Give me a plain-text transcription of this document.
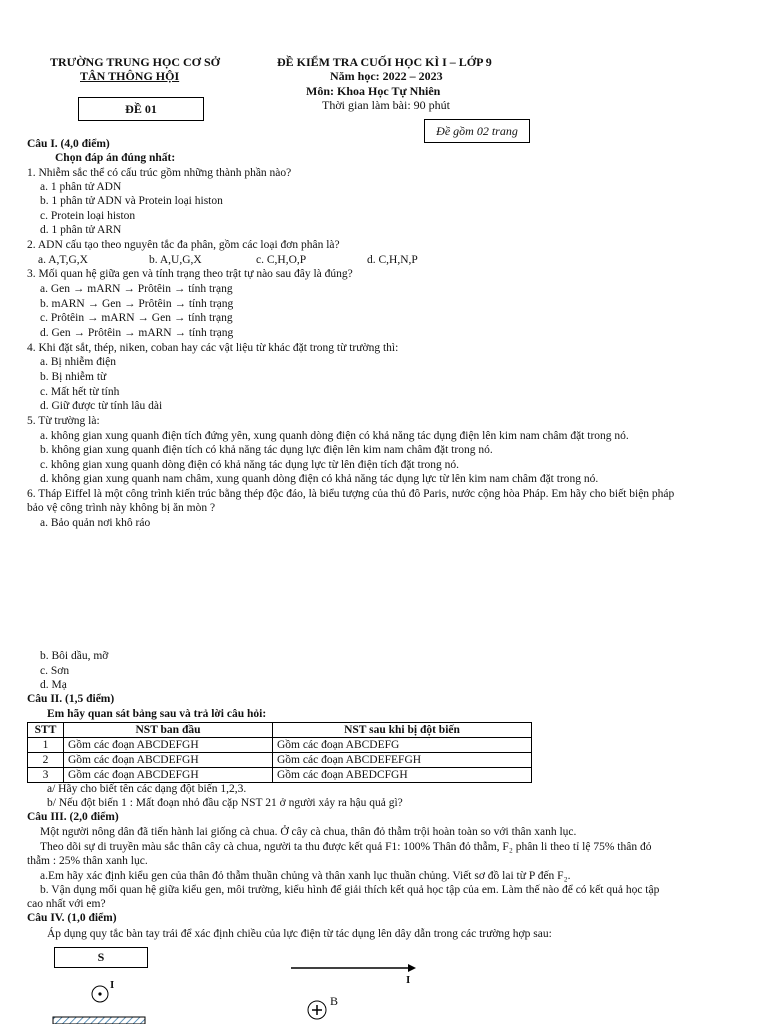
TRƯỜNG TRUNG HỌC CƠ SỞ
TÂN THÔNG HỘI
ĐỀ KIỂM TRA CUỐI HỌC KÌ I – LỚP 9
Năm học: 2022 – 2023
Môn: Khoa Học Tự Nhiên
Thời gian làm bài: 90 phút
ĐỀ 01
Đề gồm 02 trang
Câu I. (4,0 điểm)
Chọn đáp án đúng nhất:
1. Nhiễm sắc thể có cấu trúc gồm những thành phần nào?
a. 1 phân tử ADN
b. 1 phân tử ADN và Protein loại histon
c. Protein loại histon
d. 1 phân tử ARN
2. ADN cấu tạo theo nguyên tắc đa phân, gồm các loại đơn phân là?
a. A,T,G,X	b. A,U,G,X	c. C,H,O,P	d. C,H,N,P
3. Mối quan hệ giữa gen và tính trạng theo trật tự nào sau đây là đúng?
a. Gen → mARN → Prôtêin → tính trạng
b. mARN → Gen → Prôtêin → tính trạng
c. Prôtêin → mARN → Gen → tính trạng
d. Gen → Prôtêin → mARN → tính trạng
4. Khi đặt sắt, thép, niken, coban hay các vật liệu từ khác đặt trong từ trường thì:
a. Bị nhiễm điện
b. Bị nhiễm từ
c. Mất hết từ tính
d. Giữ được từ tính lâu dài
5. Từ trường là:
a. không gian xung quanh điện tích đứng yên, xung quanh dòng điện có khả năng tác dụng điện lên kim nam châm đặt trong nó.
b. không gian xung quanh điện tích có khả năng tác dụng lực điện lên kim nam châm đặt trong nó.
c. không gian xung quanh dòng điện có khả năng tác dụng lực từ lên điện tích đặt trong nó.
d. không gian xung quanh nam châm, xung quanh dòng điện có khả năng tác dụng lực từ lên kim nam châm đặt trong nó.
6. Tháp Eiffel là một công trình kiến trúc bằng thép độc đáo, là biểu tượng của thủ đô Paris, nước cộng hòa Pháp. Em hãy cho biết biện pháp
bảo vệ công trình này không bị ăn mòn ?
a. Bảo quản nơi khô ráo
b. Bôi dầu, mỡ
c. Sơn
d. Mạ
Câu II. (1,5 điểm)
Em hãy quan sát bảng sau và trả lời câu hỏi:
STT	NST ban đầu	NST sau khi bị đột biến
1	Gồm các đoạn ABCDEFGH	Gồm các đoạn ABCDEFG
2	Gồm các đoạn ABCDEFGH	Gồm các đoạn ABCDEFEFGH
3	Gồm các đoạn ABCDEFGH	Gồm các đoạn ABEDCFGH
a/ Hãy cho biết tên các dạng đột biến 1,2,3.
b/ Nếu đột biến 1 : Mất đoạn nhỏ đầu cặp NST 21 ở người xảy ra hậu quả gì?
Câu III. (2,0 điểm)
Một người nông dân đã tiến hành lai giống cà chua. Ở cây cà chua, thân đỏ thẫm trội hoàn toàn so với thân xanh lục.
Theo dõi sự di truyền màu sắc thân cây cà chua, người ta thu được kết quả F1: 100% Thân đỏ thẫm, F₂ phân li theo tỉ lệ 75% thân đỏ
thẫm : 25% thân xanh lục.
a.Em hãy xác định kiểu gen của thân đỏ thẫm thuần chủng và thân xanh lục thuần chủng. Viết sơ đồ lai từ P đến F₂.
b. Vận dụng mối quan hệ giữa kiểu gen, môi trường, kiểu hình để giải thích kết quả học tập của em. Làm thế nào để có kết quả học tập
cao nhất với em?
Câu IV. (1,0 điểm)
Áp dụng quy tắc bàn tay trái để xác định chiều của lực điện từ tác dụng lên dây dẫn trong các trường hợp sau:
S
I	I
B
